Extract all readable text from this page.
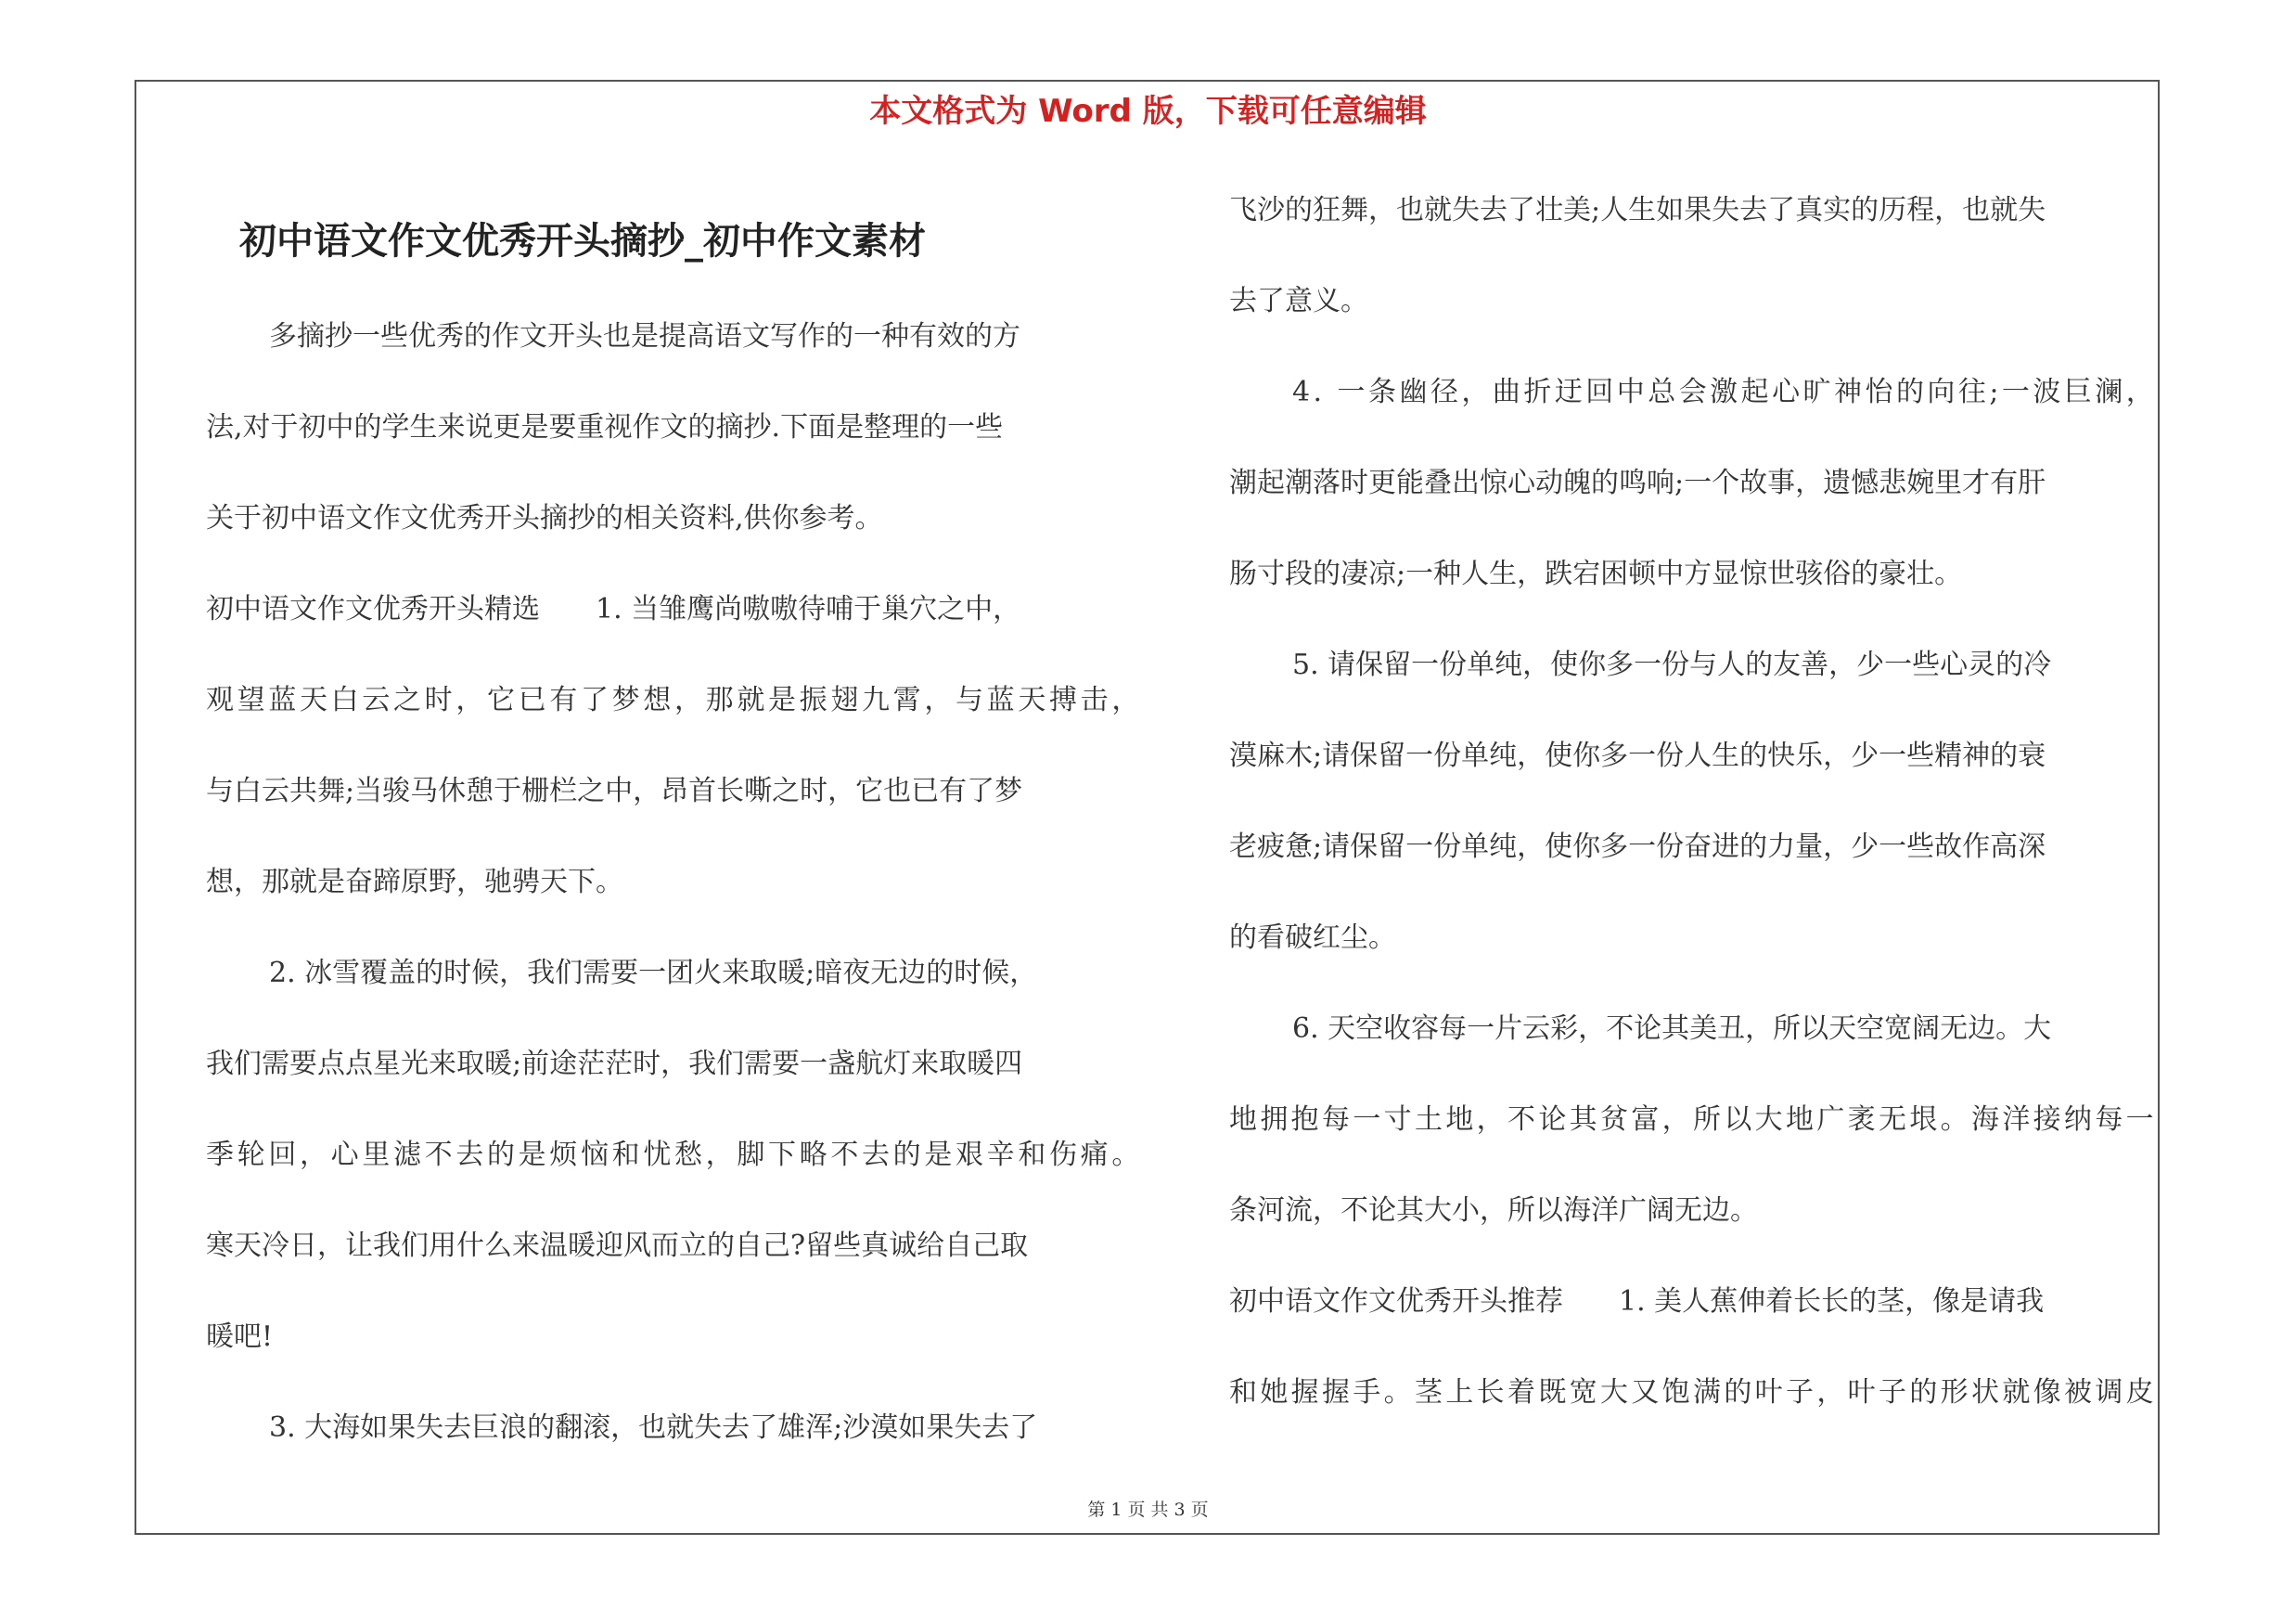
本文格式为 Word 版，下载可任意编辑
初中语文作文优秀开头摘抄_初中作文素材
多摘抄一些优秀的作文开头也是提高语文写作的一种有效的方
法,对于初中的学生来说更是要重视作文的摘抄.下面是整理的一些
关于初中语文作文优秀开头摘抄的相关资料,供你参考。
初中语文作文优秀开头精选　　1. 当雏鹰尚嗷嗷待哺于巢穴之中，
观望蓝天白云之时，它已有了梦想，那就是振翅九霄，与蓝天搏击，
与白云共舞;当骏马休憩于栅栏之中，昂首长嘶之时，它也已有了梦
想，那就是奋蹄原野，驰骋天下。
2. 冰雪覆盖的时候，我们需要一团火来取暖;暗夜无边的时候，
我们需要点点星光来取暖;前途茫茫时，我们需要一盏航灯来取暖四
季轮回，心里滤不去的是烦恼和忧愁，脚下略不去的是艰辛和伤痛。
寒天冷日，让我们用什么来温暖迎风而立的自己?留些真诚给自己取
暖吧!
3. 大海如果失去巨浪的翻滚，也就失去了雄浑;沙漠如果失去了
飞沙的狂舞，也就失去了壮美;人生如果失去了真实的历程，也就失
去了意义。
4. 一条幽径，曲折迂回中总会激起心旷神怡的向往;一波巨澜，
潮起潮落时更能叠出惊心动魄的鸣响;一个故事，遗憾悲婉里才有肝
肠寸段的凄凉;一种人生，跌宕困顿中方显惊世骇俗的豪壮。
5. 请保留一份单纯，使你多一份与人的友善，少一些心灵的冷
漠麻木;请保留一份单纯，使你多一份人生的快乐，少一些精神的衰
老疲惫;请保留一份单纯，使你多一份奋进的力量，少一些故作高深
的看破红尘。
6. 天空收容每一片云彩，不论其美丑，所以天空宽阔无边。大
地拥抱每一寸土地，不论其贫富，所以大地广袤无垠。海洋接纳每一
条河流，不论其大小，所以海洋广阔无边。
初中语文作文优秀开头推荐　　1. 美人蕉伸着长长的茎，像是请我
和她握握手。茎上长着既宽大又饱满的叶子，叶子的形状就像被调皮
第 1 页 共 3 页
